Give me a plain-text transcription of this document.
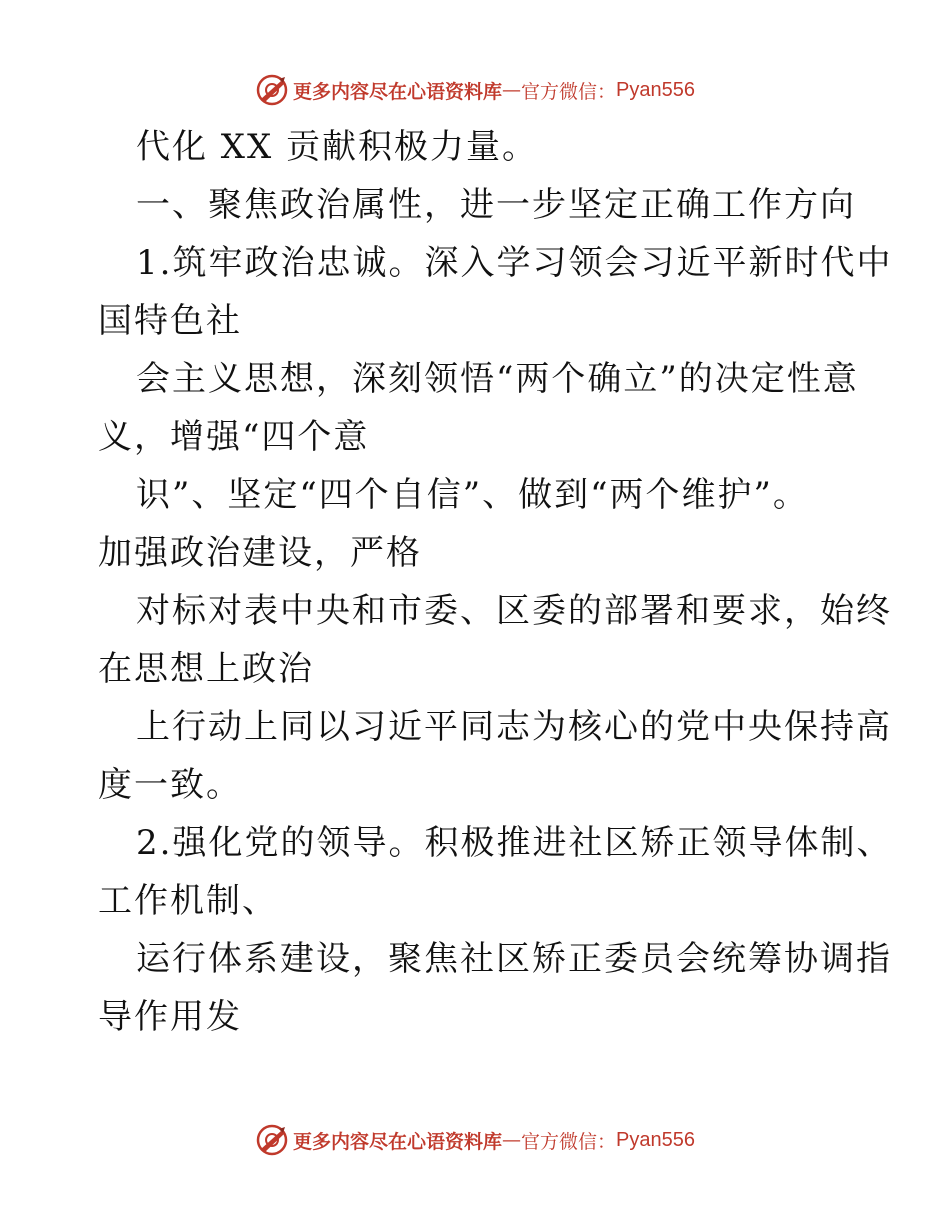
更多内容尽在心语资料库 — 官方微信： Pyan556
代化 XX 贡献积极力量。
一、聚焦政治属性，进一步坚定正确工作方向
1.筑牢政治忠诚。深入学习领会习近平新时代中
国特色社
会主义思想，深刻领悟“两个确立”的决定性意
义，增强“四个意
识”、坚定“四个自信”、做到“两个维护”。
加强政治建设，严格
对标对表中央和市委、区委的部署和要求，始终
在思想上政治
上行动上同以习近平同志为核心的党中央保持高
度一致。
2.强化党的领导。积极推进社区矫正领导体制、
工作机制、
运行体系建设，聚焦社区矫正委员会统筹协调指
导作用发
更多内容尽在心语资料库 — 官方微信： Pyan556
